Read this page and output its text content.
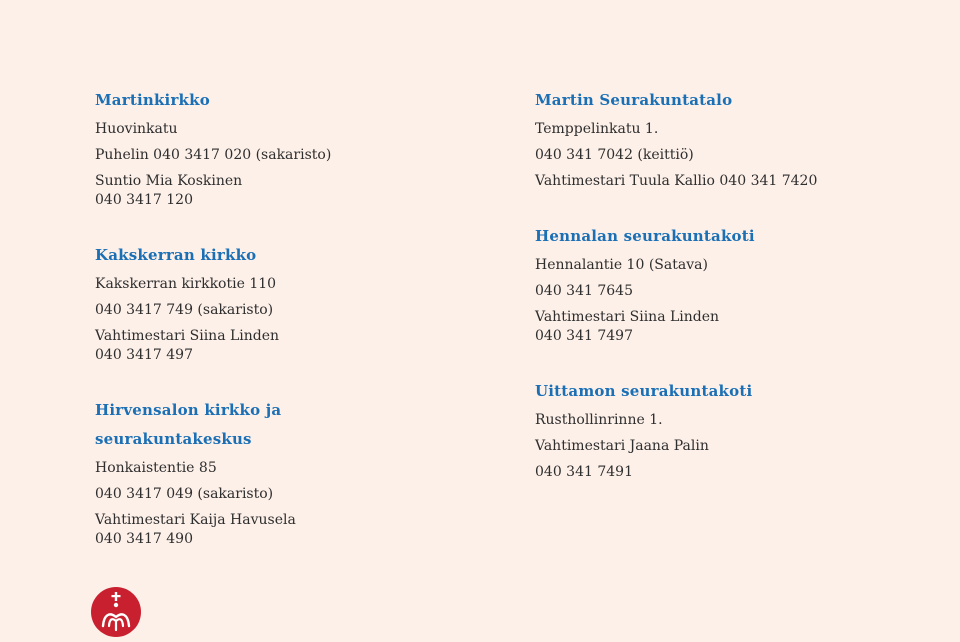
Martinkirkko
Huovinkatu
Puhelin 040 3417 020 (sakaristo)
Suntio Mia Koskinen
040 3417 120
Kakskerran kirkko
Kakskerran kirkkotie 110
040 3417 749 (sakaristo)
Vahtimestari Siina Linden
040 3417 497
Hirvensalon kirkko ja
seurakuntakeskus
Honkaistentie 85
040 3417 049 (sakaristo)
Vahtimestari Kaija Havusela
040 3417 490
Martin Seurakuntatalo
Temppelinkatu 1.
040 341 7042 (keittiö)
Vahtimestari Tuula Kallio 040 341 7420
Hennalan seurakuntakoti
Hennalantie 10 (Satava)
040 341 7645
Vahtimestari Siina Linden
040 341 7497
Uittamon seurakuntakoti
Rusthollinrinne 1.
Vahtimestari Jaana Palin
040 341 7491
